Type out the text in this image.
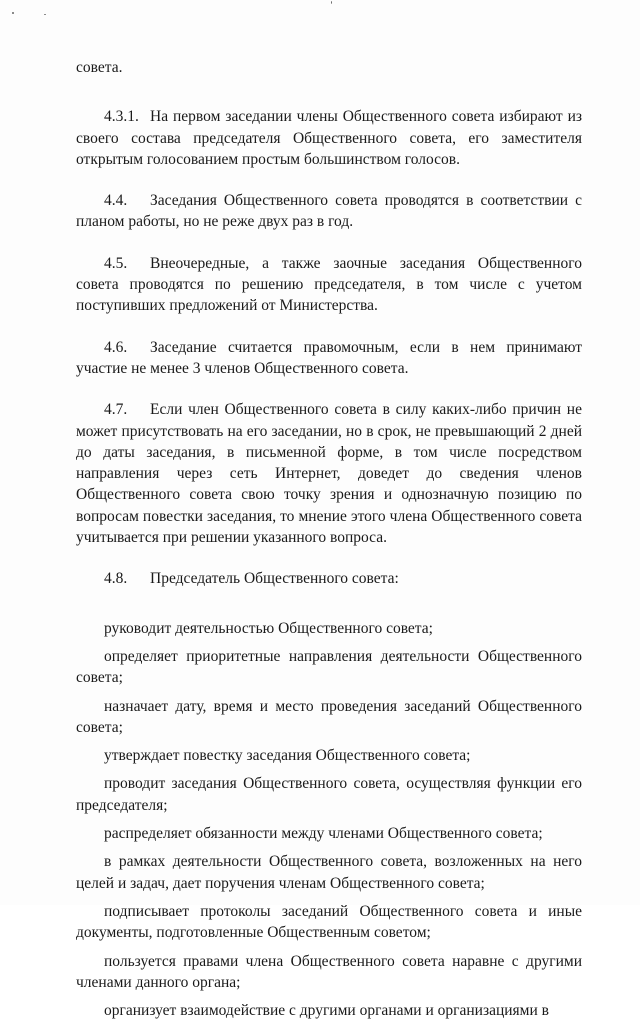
совета.

4.3.1. На первом заседании члены Общественного совета избирают из своего состава председателя Общественного совета, его заместителя открытым голосованием простым большинством голосов.

4.4. Заседания Общественного совета проводятся в соответствии с планом работы, но не реже двух раз в год.

4.5. Внеочередные, а также заочные заседания Общественного совета проводятся по решению председателя, в том числе с учетом поступивших предложений от Министерства.

4.6. Заседание считается правомочным, если в нем принимают участие не менее 3 членов Общественного совета.

4.7. Если член Общественного совета в силу каких-либо причин не может присутствовать на его заседании, но в срок, не превышающий 2 дней до даты заседания, в письменной форме, в том числе посредством направления через сеть Интернет, доведет до сведения членов Общественного совета свою точку зрения и однозначную позицию по вопросам повестки заседания, то мнение этого члена Общественного совета учитывается при решении указанного вопроса.

4.8. Председатель Общественного совета:

руководит деятельностью Общественного совета;

определяет приоритетные направления деятельности Общественного совета;

назначает дату, время и место проведения заседаний Общественного совета;

утверждает повестку заседания Общественного совета;

проводит заседания Общественного совета, осуществляя функции его председателя;

распределяет обязанности между членами Общественного совета;

в рамках деятельности Общественного совета, возложенных на него целей и задач, дает поручения членам Общественного совета;

подписывает протоколы заседаний Общественного совета и иные документы, подготовленные Общественным советом;

пользуется правами члена Общественного совета наравне с другими членами данного органа;

организует взаимодействие с другими органами и организациями в
